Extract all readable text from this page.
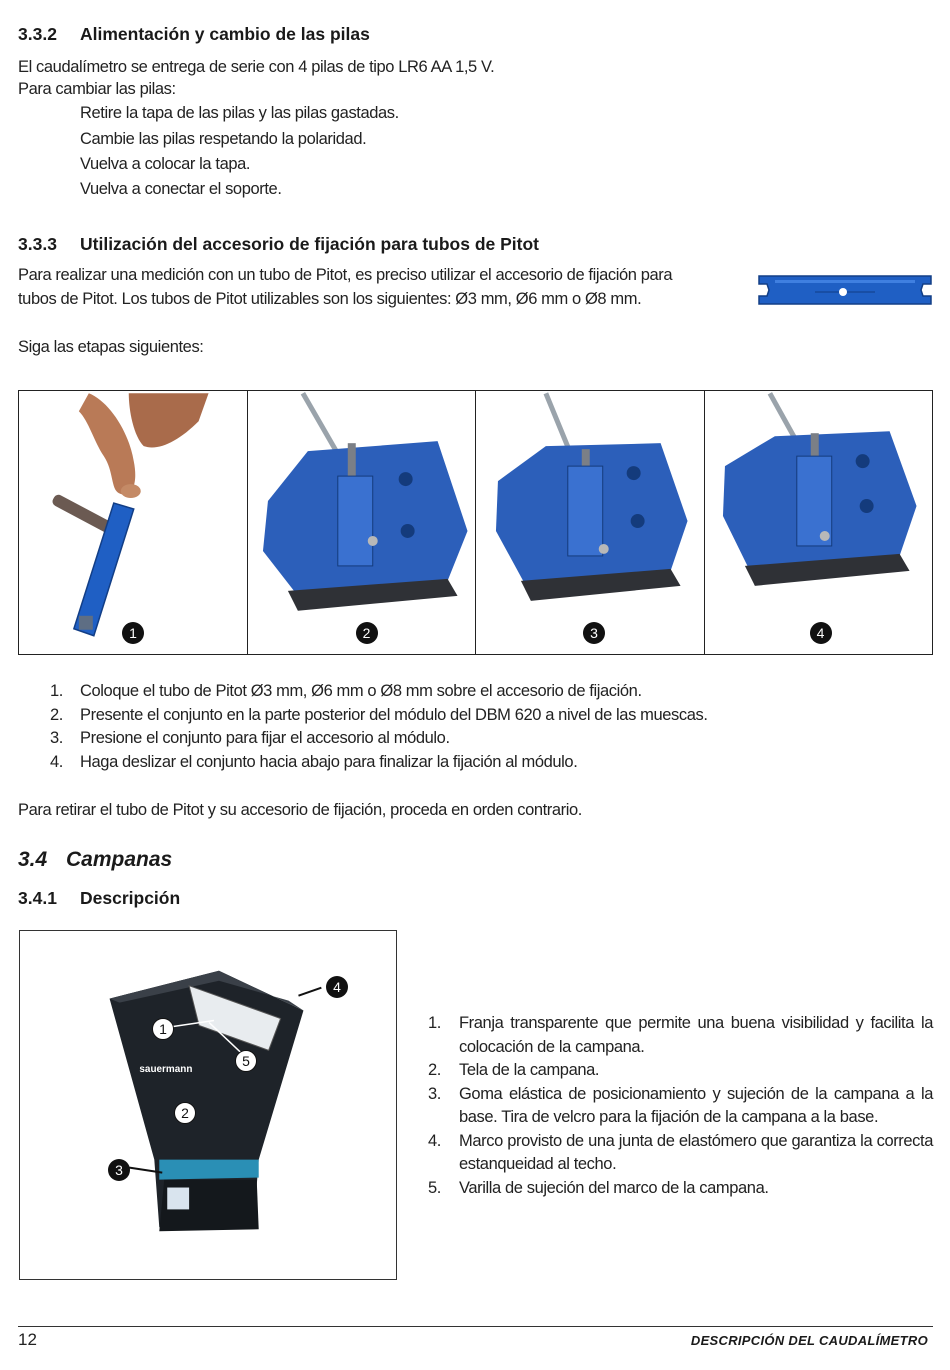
3.3.2 Alimentación y cambio de las pilas
El caudalímetro se entrega de serie con 4 pilas de tipo LR6 AA 1,5 V.
Para cambiar las pilas:
Retire la tapa de las pilas y las pilas gastadas.
Cambie las pilas respetando la polaridad.
Vuelva a colocar la tapa.
Vuelva a conectar el soporte.
3.3.3 Utilización del accesorio de fijación para tubos de Pitot
Para realizar una medición con un tubo de Pitot, es preciso utilizar el accesorio de fijación para
tubos de Pitot. Los tubos de Pitot utilizables son los siguientes: Ø3 mm, Ø6 mm o Ø8 mm.
Siga las etapas siguientes:
1	2	3	4
1.	Coloque el tubo de Pitot Ø3 mm, Ø6 mm o Ø8 mm sobre el accesorio de fijación.
2.	Presente el conjunto en la parte posterior del módulo del DBM 620 a nivel de las muescas.
3.	Presione el conjunto para fijar el accesorio al módulo.
4.	Haga deslizar el conjunto hacia abajo para finalizar la fijación al módulo.
Para retirar el tubo de Pitot y su accesorio de fijación, proceda en orden contrario.
3.4 Campanas
3.4.1 Descripción
sauermann
1
2
3
4
5
1.	Franja transparente que permite una buena visibilidad y facilita la colocación de la campana.
2.	Tela de la campana.
3.	Goma elástica de posicionamiento y sujeción de la campana a la base. Tira de velcro para la fijación de la campana a la base.
4.	Marco provisto de una junta de elastómero que garantiza la correcta estanqueidad al techo.
5.	Varilla de sujeción del marco de la campana.
12	DESCRIPCIÓN DEL CAUDALÍMETRO
